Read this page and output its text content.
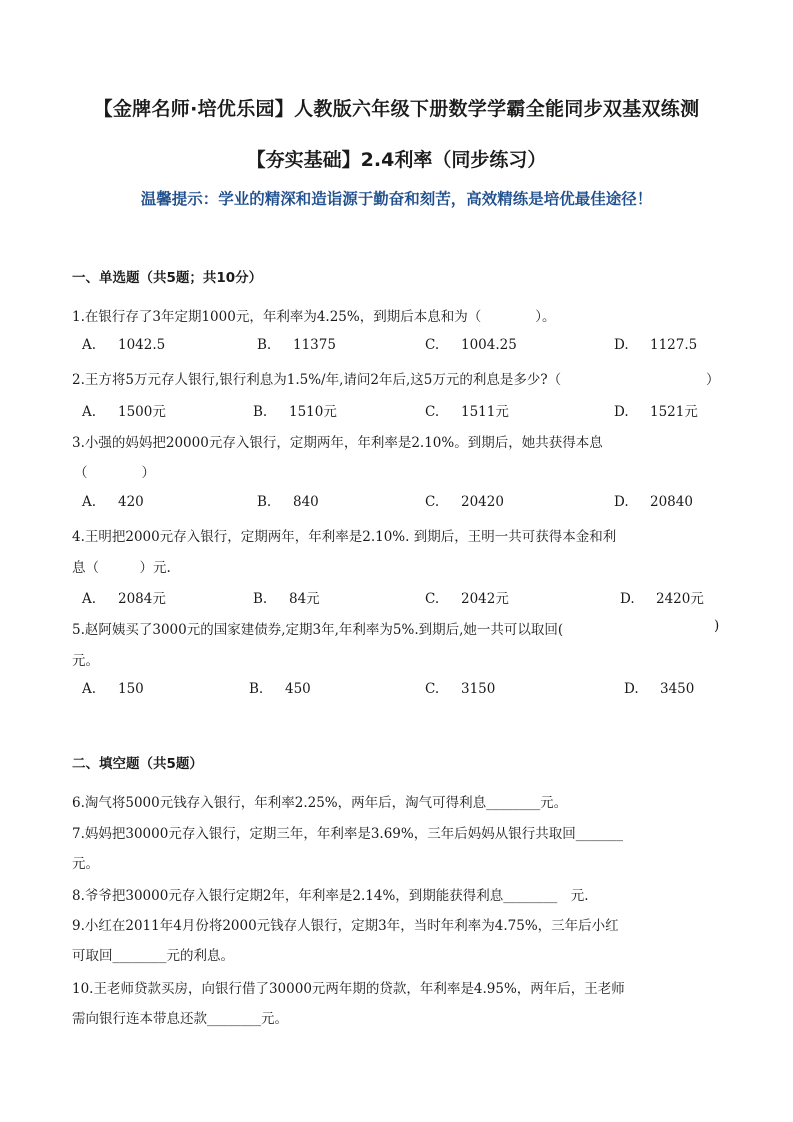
【金牌名师·培优乐园】人教版六年级下册数学学霸全能同步双基双练测
【夯实基础】2.4利率（同步练习）
温馨提示：学业的精深和造诣源于勤奋和刻苦，高效精练是培优最佳途径！
一、单选题（共5题；共10分）
1.在银行存了3年定期1000元，年利率为4.25%，到期后本息和为（　　　　）。
A. 1042.5	B. 11375	C. 1004.25	D. 1127.5
2.王方将5万元存人银行,银行利息为1.5%/年,请问2年后,这5万元的利息是多少?（	）
A. 1500元	B. 1510元	C. 1511元	D. 1521元
3.小强的妈妈把20000元存入银行，定期两年，年利率是2.10%。到期后，她共获得本息
（　　　　）
A. 420	B. 840	C. 20420	D. 20840
4.王明把2000元存入银行，定期两年，年利率是2.10%. 到期后，王明一共可获得本金和利
息（　　　）元.
A. 2084元	B. 84元	C. 2042元	D. 2420元
5.赵阿姨买了3000元的国家建债券,定期3年,年利率为5%.到期后,她一共可以取回(	)
元。
A. 150	B. 450	C. 3150	D. 3450
二、填空题（共5题）
6.淘气将5000元钱存入银行，年利率2.25%，两年后，淘气可得利息________元。
7.妈妈把30000元存入银行，定期三年，年利率是3.69%，三年后妈妈从银行共取回_______
元。
8.爷爷把30000元存入银行定期2年，年利率是2.14%，到期能获得利息________　元.
9.小红在2011年4月份将2000元钱存人银行，定期3年，当时年利率为4.75%，三年后小红
可取回________元的利息。
10.王老师贷款买房，向银行借了30000元两年期的贷款，年利率是4.95%，两年后，王老师
需向银行连本带息还款________元。
